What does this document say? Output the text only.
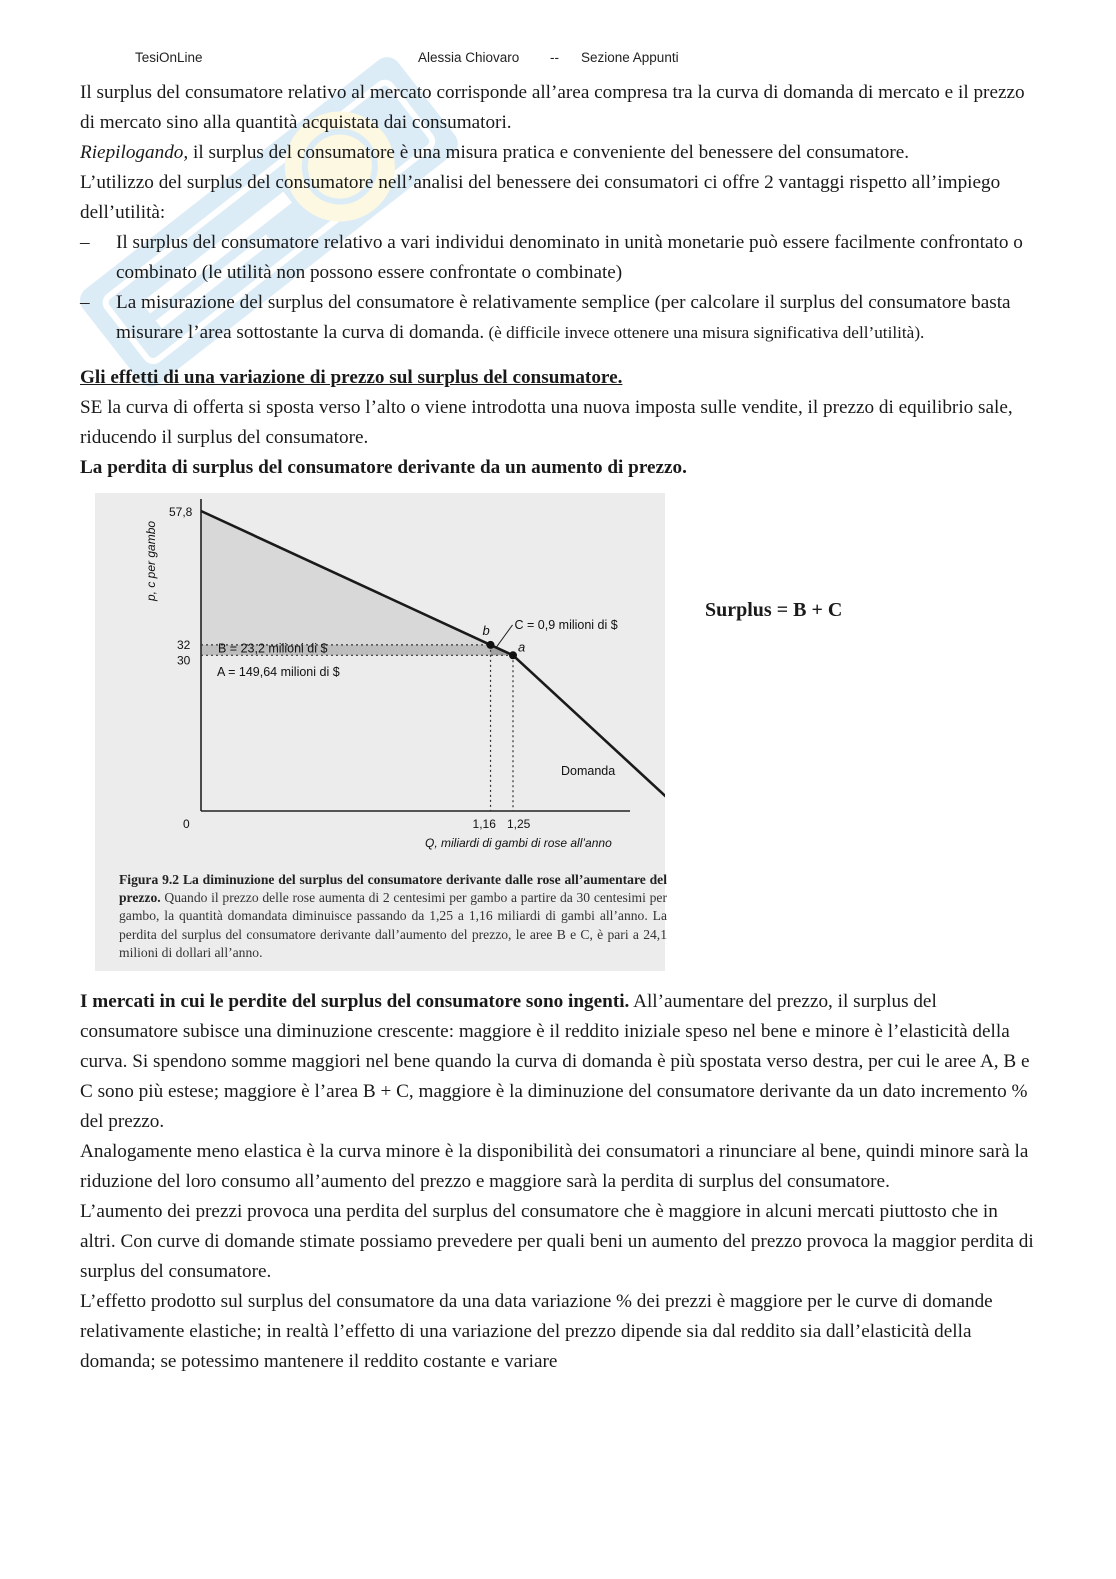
TesiOnLine	Alessia Chiovaro -- Sezione Appunti

Il surplus del consumatore relativo al mercato corrisponde all’area compresa tra la curva di domanda di mercato e il prezzo di mercato sino alla quantità acquistata dai consumatori.

Riepilogando, il surplus del consumatore è una misura pratica e conveniente del benessere del consumatore.

L’utilizzo del surplus del consumatore nell’analisi del benessere dei consumatori ci offre 2 vantaggi rispetto all’impiego dell’utilità:

– Il surplus del consumatore relativo a vari individui denominato in unità monetarie può essere facilmente confrontato o combinato (le utilità non possono essere confrontate o combinate)
– La misurazione del surplus del consumatore è relativamente semplice (per calcolare il surplus del consumatore basta misurare l’area sottostante la curva di domanda. (è difficile invece ottenere una misura significativa dell’utilità).

Gli effetti di una variazione di prezzo sul surplus del consumatore.

SE la curva di offerta si sposta verso l’alto o viene introdotta una nuova imposta sulle vendite, il prezzo di equilibrio sale, riducendo il surplus del consumatore.

La perdita di surplus del consumatore derivante da un aumento di prezzo.

b
a
57,8
32
30
0	1,16 1,25
Q, miliardi di gambi di rose all’anno
p, c per gambo
A = 149,64 milioni di $
B = 23,2 milioni di $
C = 0,9 milioni di $
Domanda
Figura 9.2 La diminuzione del surplus del consumatore derivante dalle rose all’aumentare del prezzo. Quando il prezzo delle rose aumenta di 2 centesimi per gambo a partire da 30 centesimi per gambo, la quantità domandata diminuisce passando da 1,25 a 1,16 miliardi di gambi all’anno. La perdita del surplus del consumatore derivante dall’aumento del prezzo, le aree B e C, è pari a 24,1 milioni di dollari all’anno.
Surplus = B + C

I mercati in cui le perdite del surplus del consumatore sono ingenti. All’aumentare del prezzo, il surplus del consumatore subisce una diminuzione crescente: maggiore è il reddito iniziale speso nel bene e minore è l’elasticità della curva. Si spendono somme maggiori nel bene quando la curva di domanda è più spostata verso destra, per cui le aree A, B e C sono più estese; maggiore è l’area B + C, maggiore è la diminuzione del consumatore derivante da un dato incremento % del prezzo.

Analogamente meno elastica è la curva minore è la disponibilità dei consumatori a rinunciare al bene, quindi minore sarà la riduzione del loro consumo all’aumento del prezzo e maggiore sarà la perdita di surplus del consumatore.

L’aumento dei prezzi provoca una perdita del surplus del consumatore che è maggiore in alcuni mercati piuttosto che in altri. Con curve di domande stimate possiamo prevedere per quali beni un aumento del prezzo provoca la maggior perdita di surplus del consumatore.

L’effetto prodotto sul surplus del consumatore da una data variazione % dei prezzi è maggiore per le curve di domande relativamente elastiche; in realtà l’effetto di una variazione del prezzo dipende sia dal reddito sia dall’elasticità della domanda; se potessimo mantenere il reddito costante e variare
